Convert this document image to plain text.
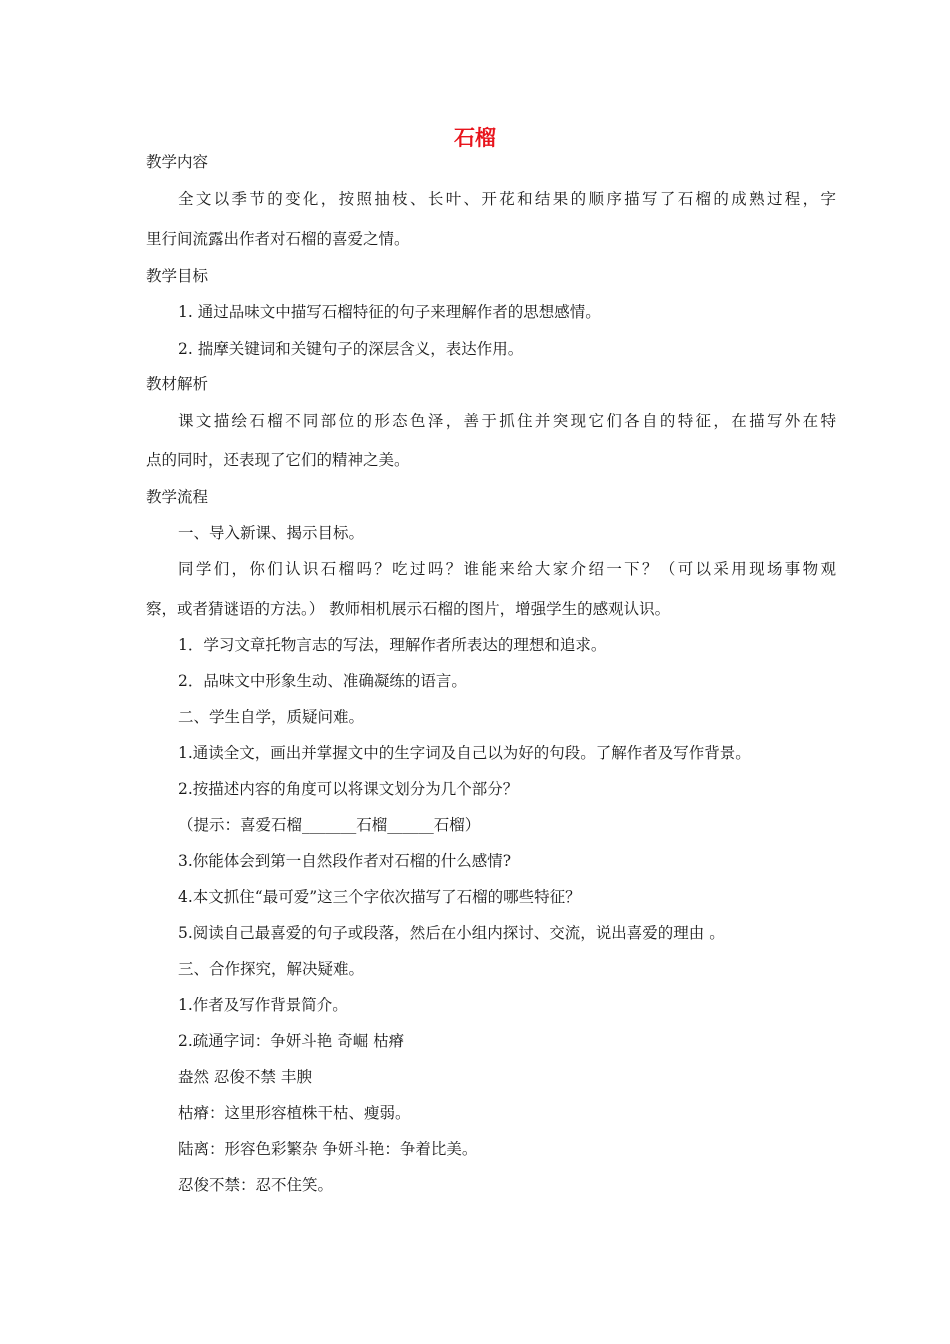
石榴
教学内容
全文以季节的变化，按照抽枝、长叶、开花和结果的顺序描写了石榴的成熟过程，字
里行间流露出作者对石榴的喜爱之情。
教学目标
1. 通过品味文中描写石榴特征的句子来理解作者的思想感情。
2. 揣摩关键词和关键句子的深层含义，表达作用。
教材解析
课文描绘石榴不同部位的形态色泽，善于抓住并突现它们各自的特征，在描写外在特
点的同时，还表现了它们的精神之美。
教学流程
一、导入新课、揭示目标。
同学们，你们认识石榴吗？吃过吗？谁能来给大家介绍一下？（可以采用现场事物观
察，或者猜谜语的方法。） 教师相机展示石榴的图片，增强学生的感观认识。
1．学习文章托物言志的写法，理解作者所表达的理想和追求。
2．品味文中形象生动、准确凝练的语言。
二、学生自学，质疑问难。
1.通读全文，画出并掌握文中的生字词及自己以为好的句段。了解作者及写作背景。
2.按描述内容的角度可以将课文划分为几个部分？
（提示：喜爱石榴_______石榴______石榴）
3.你能体会到第一自然段作者对石榴的什么感情?
4.本文抓住“最可爱”这三个字依次描写了石榴的哪些特征？
5.阅读自己最喜爱的句子或段落，然后在小组内探讨、交流，说出喜爱的理由 。
三、合作探究，解决疑难。
1.作者及写作背景简介。
2.疏通字词：争妍斗艳 奇崛 枯瘠
盎然 忍俊不禁 丰腴
枯瘠：这里形容植株干枯、瘦弱。
陆离：形容色彩繁杂 争妍斗艳：争着比美。
忍俊不禁：忍不住笑。
